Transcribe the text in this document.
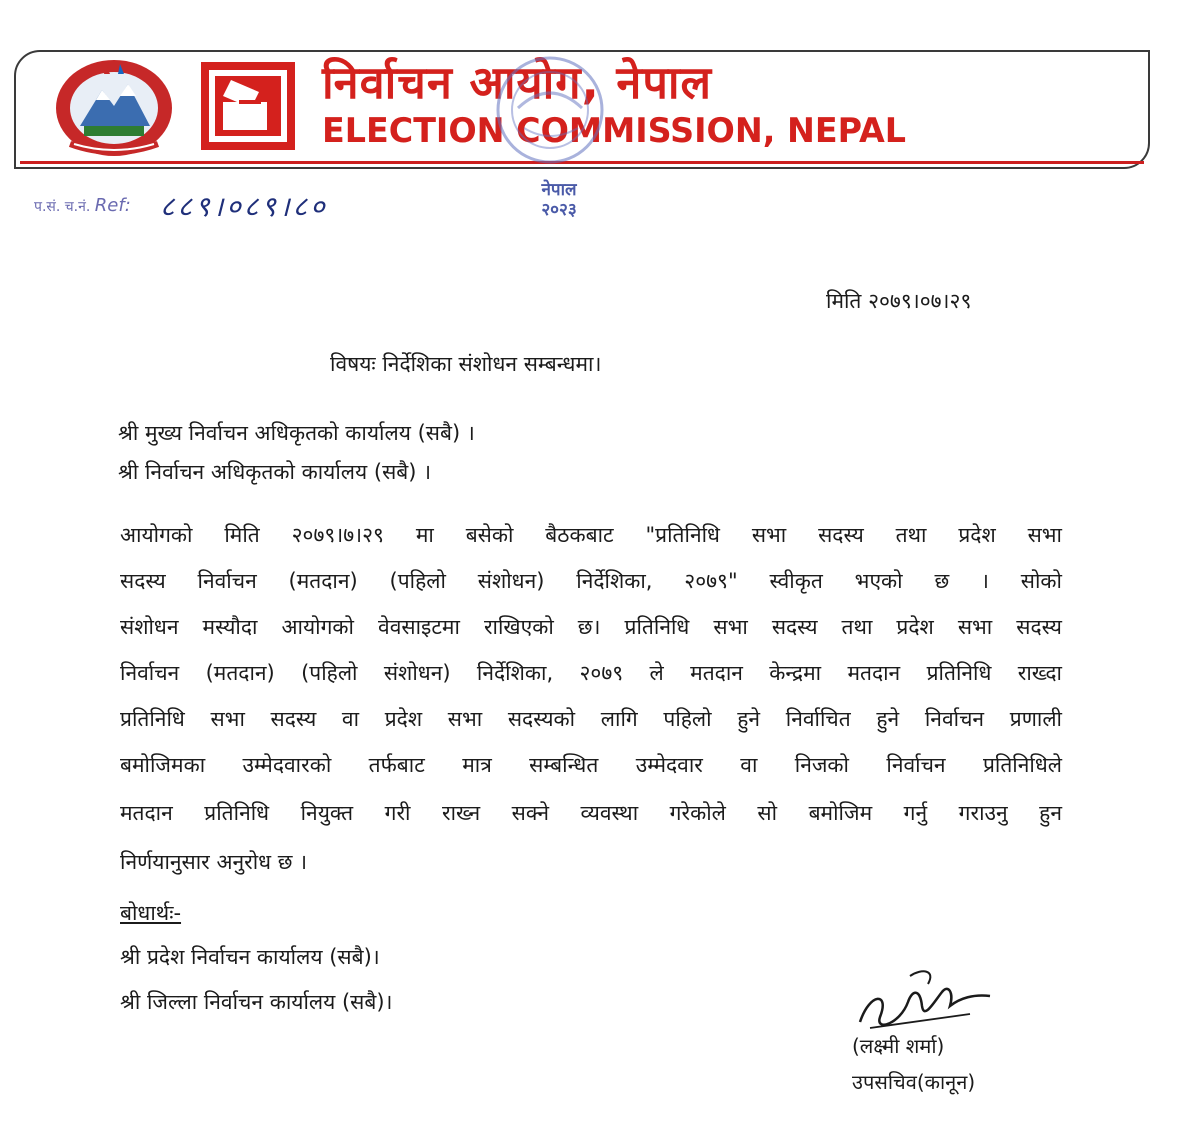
निर्वाचन आयोग, नेपाल
ELECTION COMMISSION, NEPAL
नेपाल
२०२३
प.सं. च.नं. Ref:	८८९।०८९।८०
मिति २०७९।०७।२९
विषयः निर्देशिका संशोधन सम्बन्धमा।
श्री मुख्य निर्वाचन अधिकृतको कार्यालय (सबै) ।
श्री निर्वाचन अधिकृतको कार्यालय (सबै) ।
आयोगको मिति २०७९।७।२९ मा बसेको बैठकबाट "प्रतिनिधि सभा सदस्य तथा प्रदेश सभा
सदस्य निर्वाचन (मतदान) (पहिलो संशोधन) निर्देशिका, २०७९" स्वीकृत भएको छ । सोको
संशोधन मस्यौदा आयोगको वेवसाइटमा राखिएको छ। प्रतिनिधि सभा सदस्य तथा प्रदेश सभा सदस्य
निर्वाचन (मतदान) (पहिलो संशोधन) निर्देशिका, २०७९ ले मतदान केन्द्रमा मतदान प्रतिनिधि राख्दा
प्रतिनिधि सभा सदस्य वा प्रदेश सभा सदस्यको लागि पहिलो हुने निर्वाचित हुने निर्वाचन प्रणाली
बमोजिमका उम्मेदवारको तर्फबाट मात्र सम्बन्धित उम्मेदवार वा निजको निर्वाचन प्रतिनिधिले
मतदान प्रतिनिधि नियुक्त गरी राख्न सक्ने व्यवस्था गरेकोले सो बमोजिम गर्नु गराउनु हुन
निर्णयानुसार अनुरोध छ ।
बोधार्थः-
श्री प्रदेश निर्वाचन कार्यालय (सबै)।
श्री जिल्ला निर्वाचन कार्यालय (सबै)।
(लक्ष्मी शर्मा)
उपसचिव(कानून)
